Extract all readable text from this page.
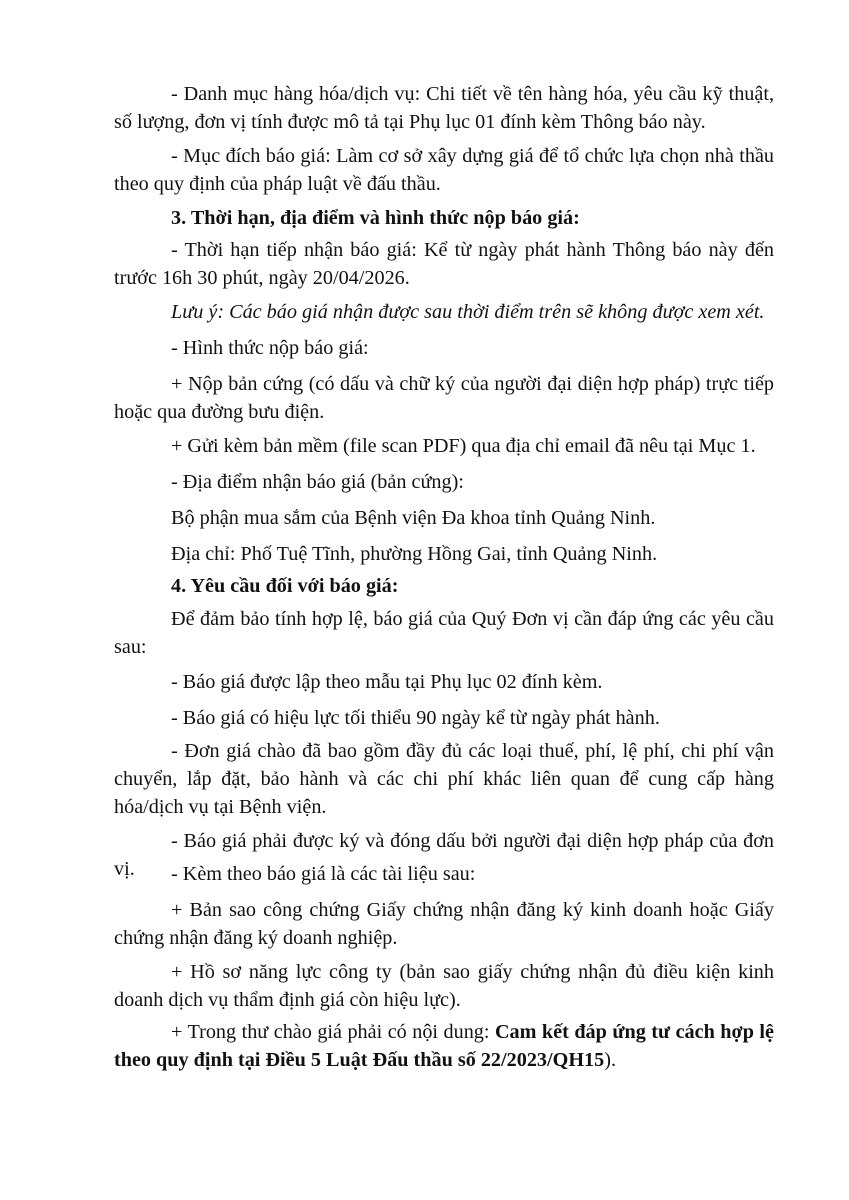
- Danh mục hàng hóa/dịch vụ: Chi tiết về tên hàng hóa, yêu cầu kỹ thuật, số lượng, đơn vị tính được mô tả tại Phụ lục 01 đính kèm Thông báo này.
- Mục đích báo giá: Làm cơ sở xây dựng giá để tổ chức lựa chọn nhà thầu theo quy định của pháp luật về đấu thầu.
3. Thời hạn, địa điểm và hình thức nộp báo giá:
- Thời hạn tiếp nhận báo giá: Kể từ ngày phát hành Thông báo này đến trước 16h 30 phút, ngày 20/04/2026.
Lưu ý: Các báo giá nhận được sau thời điểm trên sẽ không được xem xét.
- Hình thức nộp báo giá:
+ Nộp bản cứng (có dấu và chữ ký của người đại diện hợp pháp) trực tiếp hoặc qua đường bưu điện.
+ Gửi kèm bản mềm (file scan PDF) qua địa chỉ email đã nêu tại Mục 1.
- Địa điểm nhận báo giá (bản cứng):
Bộ phận mua sắm của Bệnh viện Đa khoa tỉnh Quảng Ninh.
Địa chỉ: Phố Tuệ Tĩnh, phường Hồng Gai, tỉnh Quảng Ninh.
4. Yêu cầu đối với báo giá:
Để đảm bảo tính hợp lệ, báo giá của Quý Đơn vị cần đáp ứng các yêu cầu sau:
- Báo giá được lập theo mẫu tại Phụ lục 02 đính kèm.
- Báo giá có hiệu lực tối thiểu 90 ngày kể từ ngày phát hành.
- Đơn giá chào đã bao gồm đầy đủ các loại thuế, phí, lệ phí, chi phí vận chuyển, lắp đặt, bảo hành và các chi phí khác liên quan để cung cấp hàng hóa/dịch vụ tại Bệnh viện.
- Báo giá phải được ký và đóng dấu bởi người đại diện hợp pháp của đơn vị.	- Kèm theo báo giá là các tài liệu sau:
+ Bản sao công chứng Giấy chứng nhận đăng ký kinh doanh hoặc Giấy chứng nhận đăng ký doanh nghiệp.
+ Hồ sơ năng lực công ty (bản sao giấy chứng nhận đủ điều kiện kinh doanh dịch vụ thẩm định giá còn hiệu lực).
+ Trong thư chào giá phải có nội dung: Cam kết đáp ứng tư cách hợp lệ theo quy định tại Điều 5 Luật Đấu thầu số 22/2023/QH15).
